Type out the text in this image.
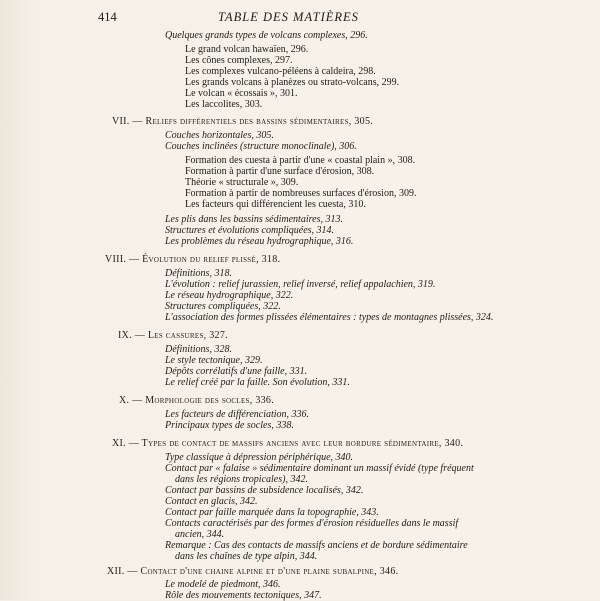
414	TABLE DES MATIÈRES
Quelques grands types de volcans complexes, 296.
Le grand volcan hawaïen, 296.
Les cônes complexes, 297.
Les complexes vulcano-péléens à caldeira, 298.
Les grands volcans à planèzes ou strato-volcans, 299.
Le volcan « écossais », 301.
Les laccolites, 303.
VII. — Reliefs différentiels des bassins sédimentaires, 305.
Couches horizontales, 305.
Couches inclinées (structure monoclinale), 306.
Formation des cuesta à partir d'une « coastal plain », 308.
Formation à partir d'une surface d'érosion, 308.
Théorie « structurale », 309.
Formation à partir de nombreuses surfaces d'érosion, 309.
Les facteurs qui différencient les cuesta, 310.
Les plis dans les bassins sédimentaires, 313.
Structures et évolutions compliquées, 314.
Les problèmes du réseau hydrographique, 316.
VIII. — Évolution du relief plissé, 318.
Définitions, 318.
L'évolution : relief jurassien, relief inversé, relief appalachien, 319.
Le réseau hydrographique, 322.
Structures compliquées, 322.
L'association des formes plissées élémentaires : types de montagnes plissées, 324.
IX. — Les cassures, 327.
Définitions, 328.
Le style tectonique, 329.
Dépôts corrélatifs d'une faille, 331.
Le relief créé par la faille. Son évolution, 331.
X. — Morphologie des socles, 336.
Les facteurs de différenciation, 336.
Principaux types de socles, 338.
XI. — Types de contact de massifs anciens avec leur bordure sédimentaire, 340.
Type classique à dépression périphérique, 340.
Contact par « falaise » sédimentaire dominant un massif évidé (type fréquent
dans les régions tropicales), 342.
Contact par bassins de subsidence localisés, 342.
Contact en glacis, 342.
Contact par faille marquée dans la topographie, 343.
Contacts caractérisés par des formes d'érosion résiduelles dans le massif
ancien, 344.
Remarque : Cas des contacts de massifs anciens et de bordure sédimentaire
dans les chaînes de type alpin, 344.
XII. — Contact d'une chaine alpine et d'une plaine subalpine, 346.
Le modelé de piedmont, 346.
Rôle des mouvements tectoniques, 347.
